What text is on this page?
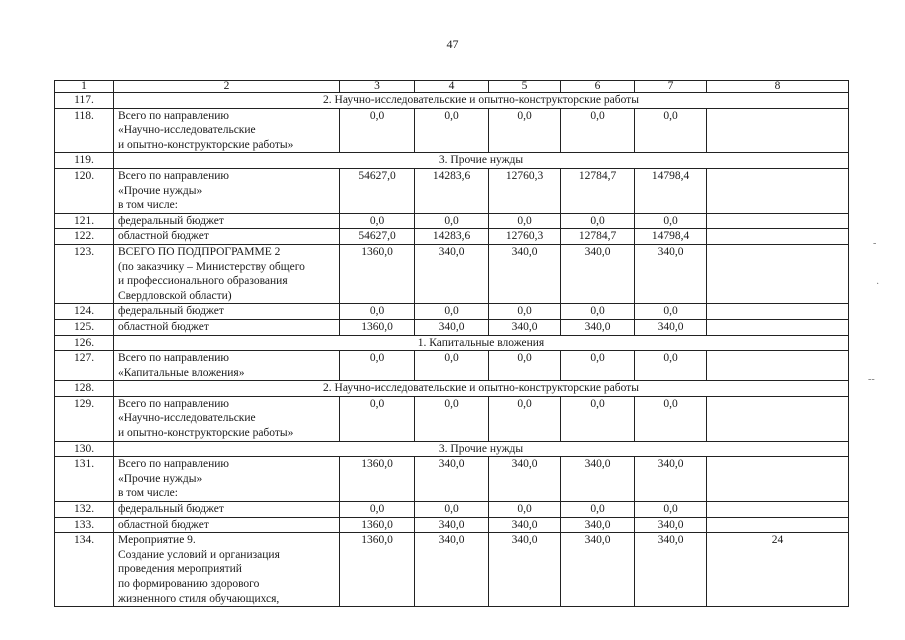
47
1	2	3	4	5	6	7	8
117.	2. Научно-исследовательские и опытно-конструкторские работы						
118.	Всего по направлению
«Научно-исследовательские
и опытно-конструкторские работы»	0,0	0,0	0,0	0,0	0,0	
119.	3. Прочие нужды						
120.	Всего по направлению
«Прочие нужды»
в том числе:	54627,0	14283,6	12760,3	12784,7	14798,4	
121.	федеральный бюджет	0,0	0,0	0,0	0,0	0,0	
122.	областной бюджет	54627,0	14283,6	12760,3	12784,7	14798,4	
123.	ВСЕГО ПО ПОДПРОГРАММЕ 2
(по заказчику – Министерству общего
и профессионального образования
Свердловской области)	1360,0	340,0	340,0	340,0	340,0	
124.	федеральный бюджет	0,0	0,0	0,0	0,0	0,0	
125.	областной бюджет	1360,0	340,0	340,0	340,0	340,0	
126.	1. Капитальные вложения						
127.	Всего по направлению
«Капитальные вложения»	0,0	0,0	0,0	0,0	0,0	
128.	2. Научно-исследовательские и опытно-конструкторские работы						
129.	Всего по направлению
«Научно-исследовательские
и опытно-конструкторские работы»	0,0	0,0	0,0	0,0	0,0	
130.	3. Прочие нужды						
131.	Всего по направлению
«Прочие нужды»
в том числе:	1360,0	340,0	340,0	340,0	340,0	
132.	федеральный бюджет	0,0	0,0	0,0	0,0	0,0	
133.	областной бюджет	1360,0	340,0	340,0	340,0	340,0	
134.	Мероприятие 9.
Создание условий и организация
проведения мероприятий
по формированию здорового
жизненного стиля обучающихся,	1360,0	340,0	340,0	340,0	340,0	24
-
·
--
